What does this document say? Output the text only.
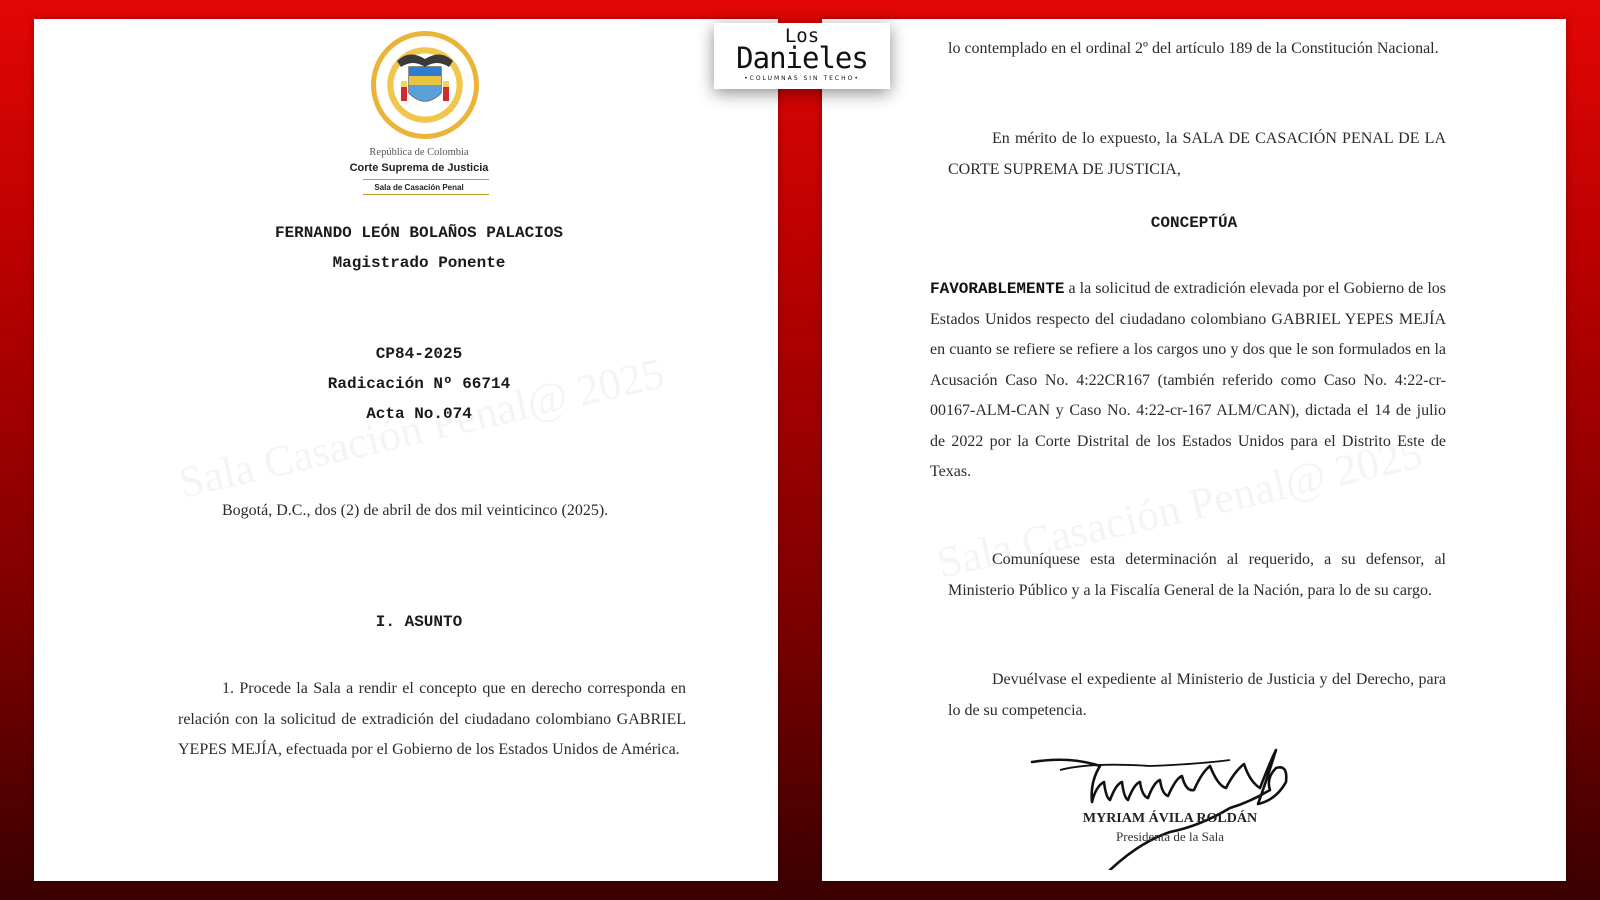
República de Colombia
Corte Suprema de Justicia
Sala de Casación Penal
FERNANDO LEÓN BOLAÑOS PALACIOS
Magistrado Ponente
CP84-2025
Radicación Nº 66714
Acta No.074
Bogotá, D.C., dos (2) de abril de dos mil veinticinco (2025).
I. ASUNTO
1. Procede la Sala a rendir el concepto que en derecho corresponda en relación con la solicitud de extradición del ciudadano colombiano GABRIEL YEPES MEJÍA, efectuada por el Gobierno de los Estados Unidos de América.
lo contemplado en el ordinal 2º del artículo 189 de la Constitución Nacional.
En mérito de lo expuesto, la SALA DE CASACIÓN PENAL DE LA CORTE SUPREMA DE JUSTICIA,
CONCEPTÚA
FAVORABLEMENTE a la solicitud de extradición elevada por el Gobierno de los Estados Unidos respecto del ciudadano colombiano GABRIEL YEPES MEJÍA en cuanto se refiere se refiere a los cargos uno y dos que le son formulados en la Acusación Caso No. 4:22CR167 (también referido como Caso No. 4:22-cr-00167-ALM-CAN y Caso No. 4:22-cr-167 ALM/CAN), dictada el 14 de julio de 2022 por la Corte Distrital de los Estados Unidos para el Distrito Este de Texas.
Comuníquese esta determinación al requerido, a su defensor, al Ministerio Público y a la Fiscalía General de la Nación, para lo de su cargo.
Devuélvase el expediente al Ministerio de Justicia y del Derecho, para lo de su competencia.
MYRIAM ÁVILA ROLDÁN
Presidenta de la Sala
Los
Danieles
•COLUMNAS SIN TECHO•
